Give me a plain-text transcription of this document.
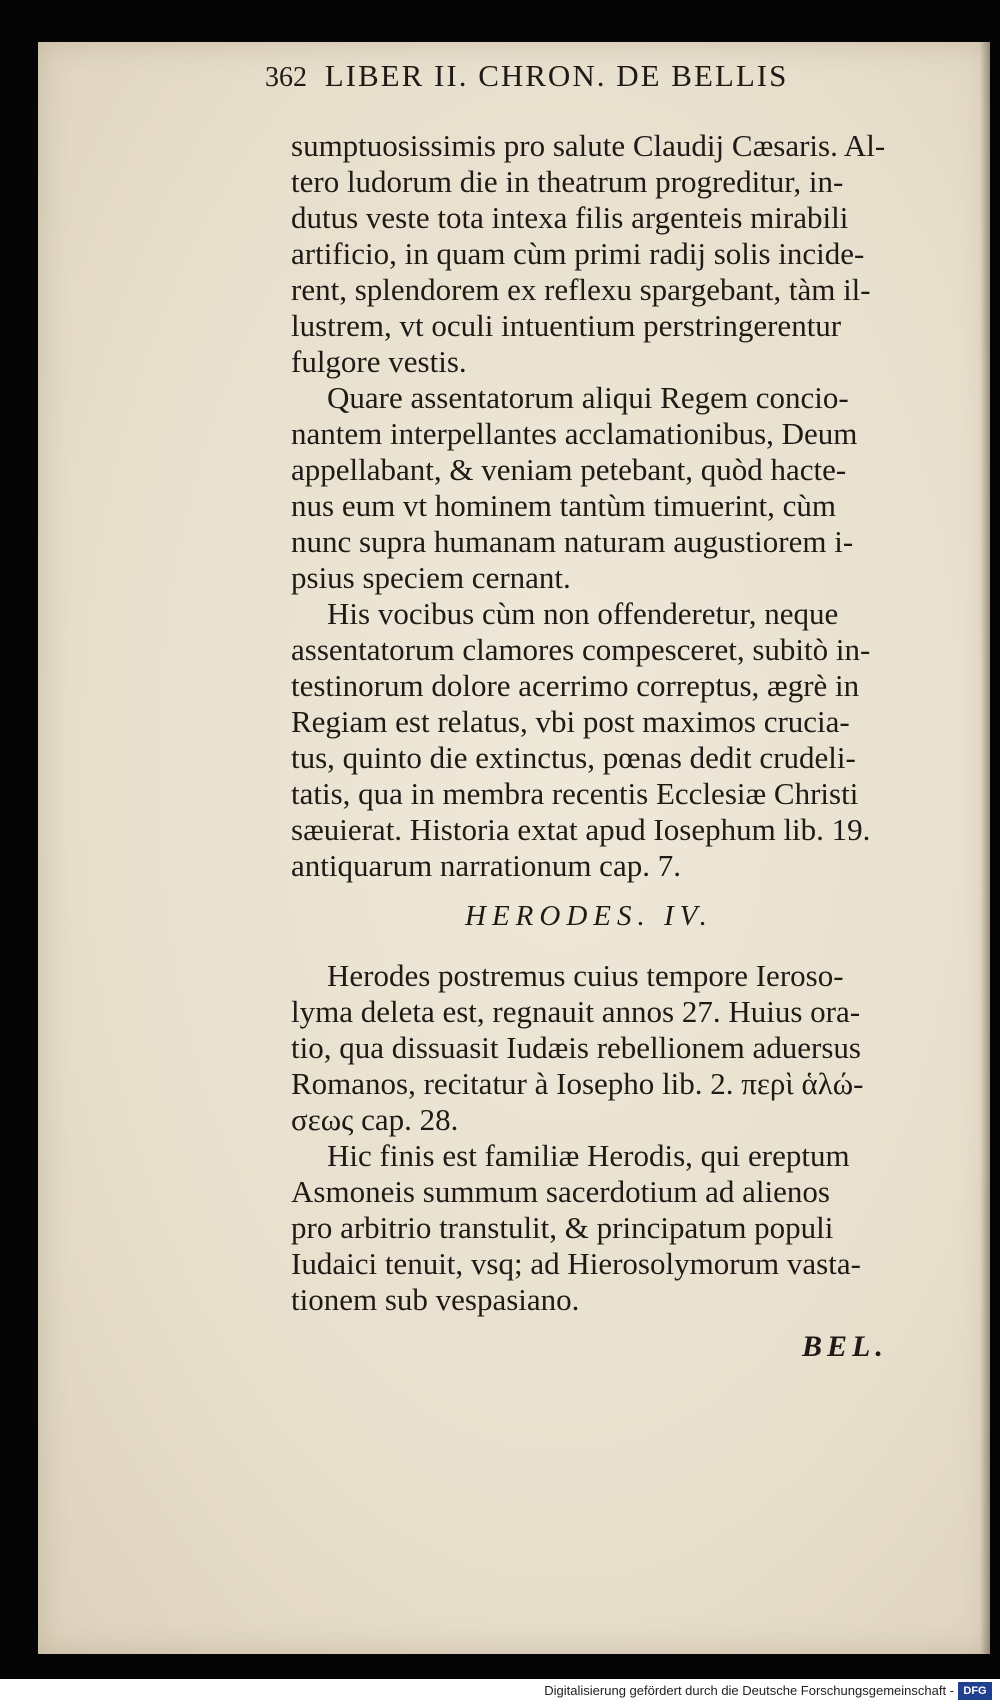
362 LIBER II. CHRON. DE BELLIS
sumptuosissimis pro salute Claudij Cæsaris. Al-
tero ludorum die in theatrum progreditur, in-
dutus veste tota intexa filis argenteis mirabili
artificio, in quam cùm primi radij solis incide-
rent, splendorem ex reflexu spargebant, tàm il-
lustrem, vt oculi intuentium perstringerentur
fulgore vestis.
Quare assentatorum aliqui Regem concio-
nantem interpellantes acclamationibus, Deum
appellabant, & veniam petebant, quòd hacte-
nus eum vt hominem tantùm timuerint, cùm
nunc supra humanam naturam augustiorem i-
psius speciem cernant.
His vocibus cùm non offenderetur, neque
assentatorum clamores compesceret, subitò in-
testinorum dolore acerrimo correptus, ægrè in
Regiam est relatus, vbi post maximos crucia-
tus, quinto die extinctus, pœnas dedit crudeli-
tatis, qua in membra recentis Ecclesiæ Christi
sæuierat. Historia extat apud Iosephum lib. 19.
antiquarum narrationum cap. 7.
HERODES. IV.
Herodes postremus cuius tempore Ieroso-
lyma deleta est, regnauit annos 27. Huius ora-
tio, qua dissuasit Iudæis rebellionem aduersus
Romanos, recitatur à Iosepho lib. 2. περὶ ἁλώ-
σεως cap. 28.
Hic finis est familiæ Herodis, qui ereptum
Asmoneis summum sacerdotium ad alienos
pro arbitrio transtulit, & principatum populi
Iudaici tenuit, vsq; ad Hierosolymorum vasta-
tionem sub vespasiano.
BEL.
Digitalisierung gefördert durch die Deutsche Forschungsgemeinschaft - DFG
